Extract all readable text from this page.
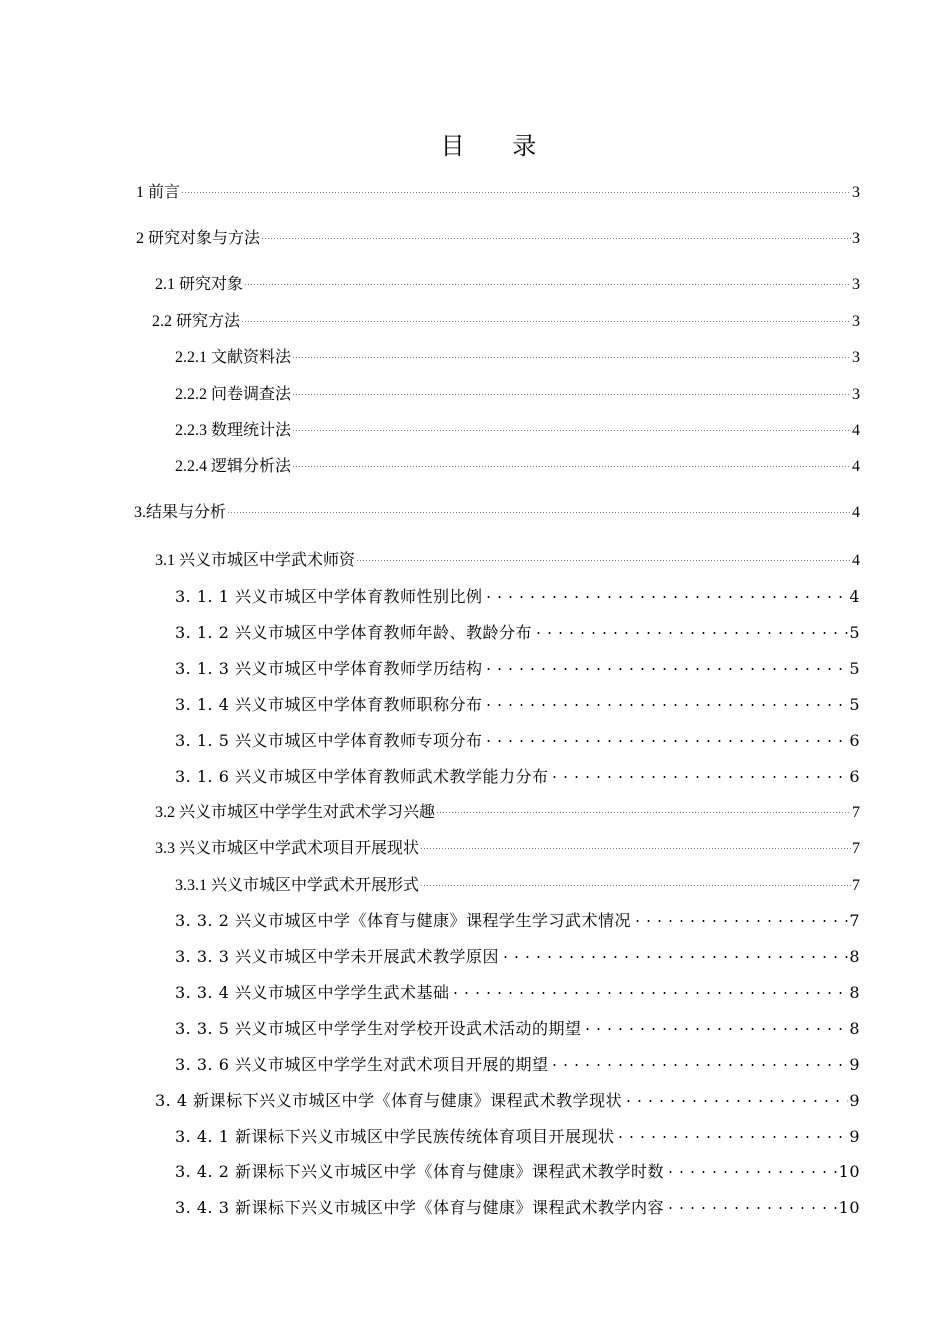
目 录
1 前言	3
2 研究对象与方法	3
2.1 研究对象	3
2.2 研究方法	3
2.2.1 文献资料法	3
2.2.2 问卷调查法	3
2.2.3 数理统计法	4
2.2.4 逻辑分析法	4
3.结果与分析	4
3.1 兴义市城区中学武术师资	4
3. 1. 1 兴义市城区中学体育教师性别比例	4
3. 1. 2 兴义市城区中学体育教师年龄、教龄分布	5
3. 1. 3 兴义市城区中学体育教师学历结构	5
3. 1. 4 兴义市城区中学体育教师职称分布	5
3. 1. 5 兴义市城区中学体育教师专项分布	6
3. 1. 6 兴义市城区中学体育教师武术教学能力分布	6
3.2 兴义市城区中学学生对武术学习兴趣	7
3.3 兴义市城区中学武术项目开展现状	7
3.3.1 兴义市城区中学武术开展形式	7
3. 3. 2 兴义市城区中学《体育与健康》课程学生学习武术情况	7
3. 3. 3 兴义市城区中学未开展武术教学原因	8
3. 3. 4 兴义市城区中学学生武术基础	8
3. 3. 5 兴义市城区中学学生对学校开设武术活动的期望	8
3. 3. 6 兴义市城区中学学生对武术项目开展的期望	9
3. 4 新课标下兴义市城区中学《体育与健康》课程武术教学现状	9
3. 4. 1 新课标下兴义市城区中学民族传统体育项目开展现状	9
3. 4. 2 新课标下兴义市城区中学《体育与健康》课程武术教学时数	10
3. 4. 3 新课标下兴义市城区中学《体育与健康》课程武术教学内容	10
